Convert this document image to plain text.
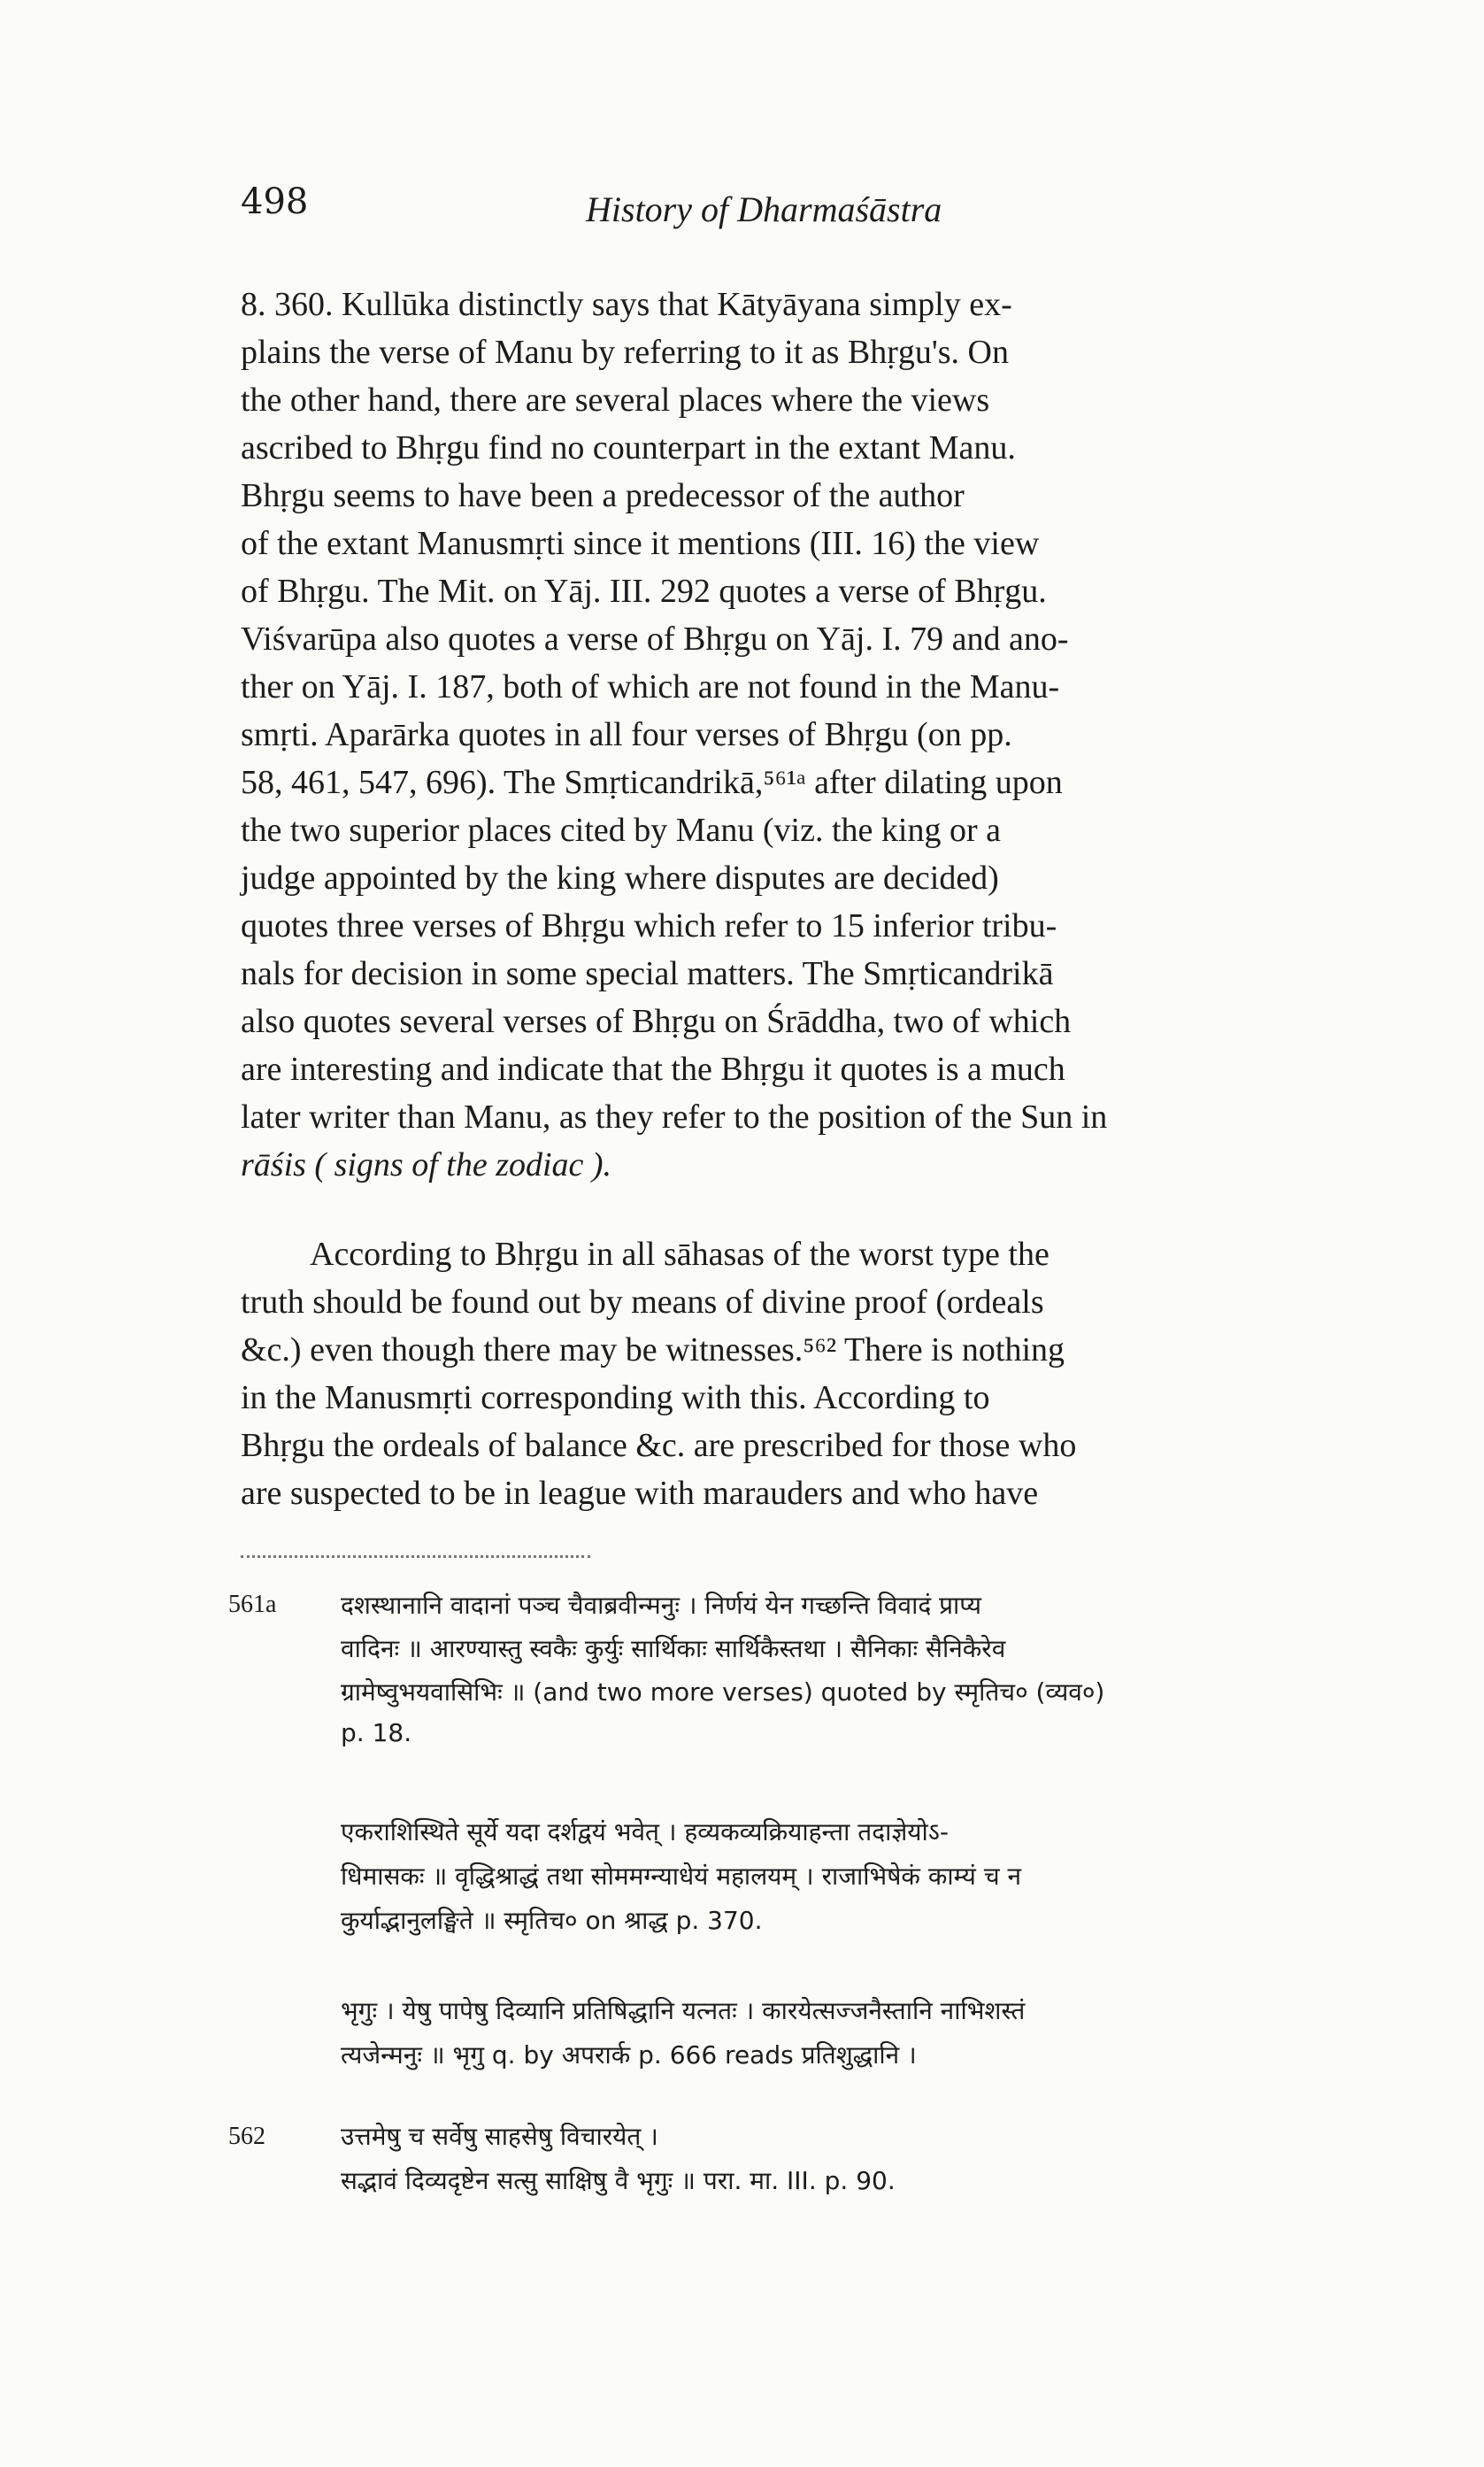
498	History of Dharmaśāstra
8. 360. Kullūka distinctly says that Kātyāyana simply ex-
plains the verse of Manu by referring to it as Bhṛgu's. On
the other hand, there are several places where the views
ascribed to Bhṛgu find no counterpart in the extant Manu.
Bhṛgu seems to have been a predecessor of the author
of the extant Manusmṛti since it mentions (III. 16) the view
of Bhṛgu. The Mit. on Yāj. III. 292 quotes a verse of Bhṛgu.
Viśvarūpa also quotes a verse of Bhṛgu on Yāj. I. 79 and ano-
ther on Yāj. I. 187, both of which are not found in the Manu-
smṛti. Aparārka quotes in all four verses of Bhṛgu (on pp.
58, 461, 547, 696). The Smṛticandrikā,⁵⁶¹ᵃ after dilating upon
the two superior places cited by Manu (viz. the king or a
judge appointed by the king where disputes are decided)
quotes three verses of Bhṛgu which refer to 15 inferior tribu-
nals for decision in some special matters. The Smṛticandrikā
also quotes several verses of Bhṛgu on Śrāddha, two of which
are interesting and indicate that the Bhṛgu it quotes is a much
later writer than Manu, as they refer to the position of the Sun in
rāśis ( signs of the zodiac ).
According to Bhṛgu in all sāhasas of the worst type the
truth should be found out by means of divine proof (ordeals
&c.) even though there may be witnesses.⁵⁶² There is nothing
in the Manusmṛti corresponding with this. According to
Bhṛgu the ordeals of balance &c. are prescribed for those who
are suspected to be in league with marauders and who have
561a	दशस्थानानि वादानां पञ्च चैवाब्रवीन्मनुः । निर्णयं येन गच्छन्ति विवादं प्राप्य
वादिनः ॥ आरण्यास्तु स्वकैः कुर्युः सार्थिकाः सार्थिकैस्तथा । सैनिकाः सैनिकैरेव
ग्रामेष्वुभयवासिभिः ॥ (and two more verses) quoted by स्मृतिच० (व्यव०)
p. 18.
एकराशिस्थिते सूर्ये यदा दर्शद्वयं भवेत् । हव्यकव्यक्रियाहन्ता तदाज्ञेयोऽ-
धिमासकः ॥ वृद्धिश्राद्धं तथा सोममग्न्याधेयं महालयम् । राजाभिषेकं काम्यं च न
कुर्याद्भानुलङ्घिते ॥ स्मृतिच० on श्राद्ध p. 370.
भृगुः । येषु पापेषु दिव्यानि प्रतिषिद्धानि यत्नतः । कारयेत्सज्जनैस्तानि नाभिशस्तं
त्यजेन्मनुः ॥ भृगु q. by अपरार्क p. 666 reads प्रतिशुद्धानि ।
562	उत्तमेषु च सर्वेषु साहसेषु विचारयेत् ।
सद्भावं दिव्यदृष्टेन सत्सु साक्षिषु वै भृगुः ॥ परा. मा. III. p. 90.
